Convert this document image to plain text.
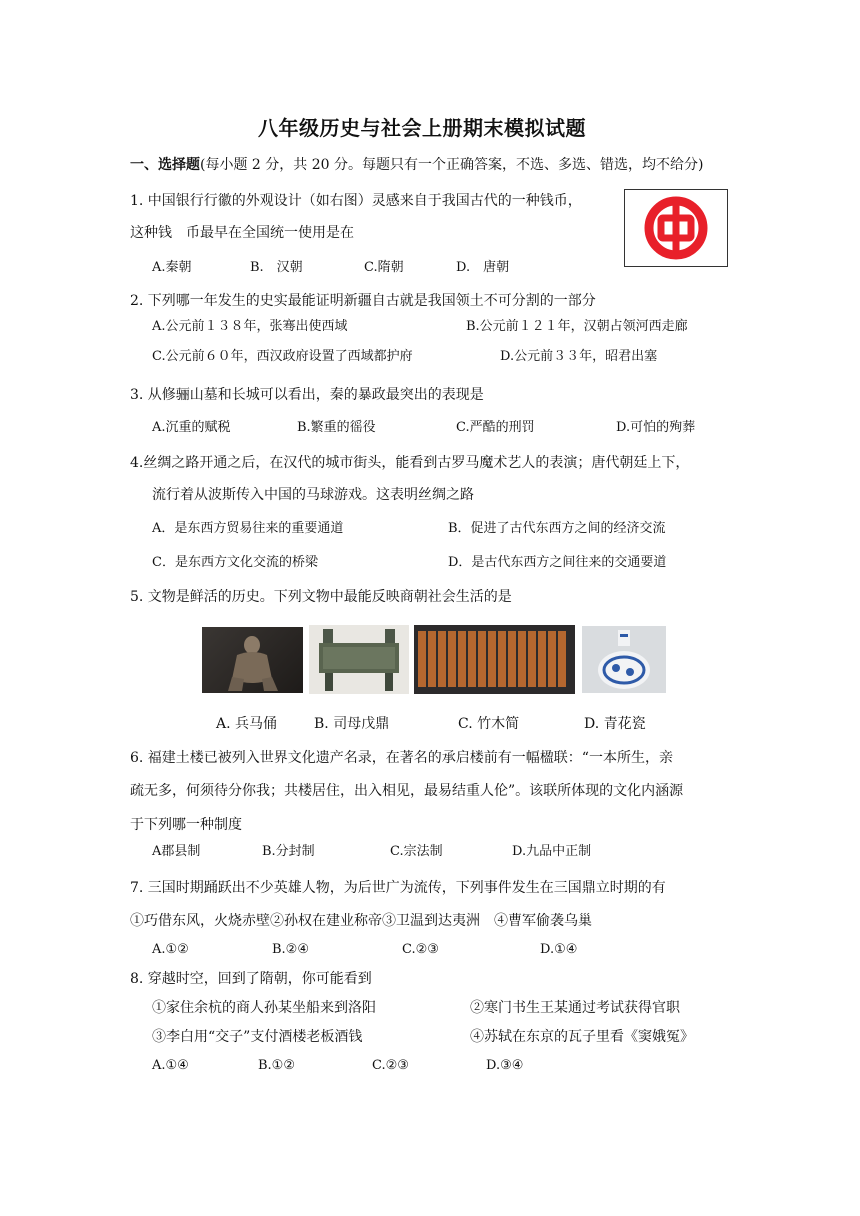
八年级历史与社会上册期末模拟试题
一、选择题(每小题 2 分，共 20 分。每题只有一个正确答案，不选、多选、错选，均不给分)
1. 中国银行行徽的外观设计（如右图）灵感来自于我国古代的一种钱币，
这种钱　币最早在全国统一使用是在
A.秦朝	B.　汉朝	C.隋朝	D.　唐朝
2. 下列哪一年发生的史实最能证明新疆自古就是我国领土不可分割的一部分
A.公元前１３８年，张骞出使西域	B.公元前１２１年，汉朝占领河西走廊
C.公元前６０年，西汉政府设置了西域都护府	D.公元前３３年，昭君出塞
3. 从修骊山墓和长城可以看出，秦的暴政最突出的表现是
A.沉重的赋税	B.繁重的徭役	C.严酷的刑罚	D.可怕的殉葬
4.丝绸之路开通之后，在汉代的城市街头，能看到古罗马魔术艺人的表演；唐代朝廷上下，
流行着从波斯传入中国的马球游戏。这表明丝绸之路
A．是东西方贸易往来的重要通道	B．促进了古代东西方之间的经济交流
C．是东西方文化交流的桥梁	D．是古代东西方之间往来的交通要道
5. 文物是鲜活的历史。下列文物中最能反映商朝社会生活的是
A. 兵马俑	B. 司母戊鼎	C. 竹木简	D. 青花瓷
6. 福建土楼已被列入世界文化遗产名录，在著名的承启楼前有一幅楹联：“一本所生，亲
疏无多，何须待分你我；共楼居住，出入相见，最易结重人伦”。该联所体现的文化内涵源
于下列哪一种制度
A郡县制	B.分封制	C.宗法制	D.九品中正制
7. 三国时期踊跃出不少英雄人物，为后世广为流传，下列事件发生在三国鼎立时期的有
①巧借东风，火烧赤壁②孙权在建业称帝③卫温到达夷洲　④曹军偷袭乌巢
A.①②	B.②④	C.②③	D.①④
8. 穿越时空，回到了隋朝，你可能看到
①家住余杭的商人孙某坐船来到洛阳	②寒门书生王某通过考试获得官职
③李白用“交子”支付酒楼老板酒钱	④苏轼在东京的瓦子里看《窦娥冤》
A.①④	B.①②	C.②③	D.③④
